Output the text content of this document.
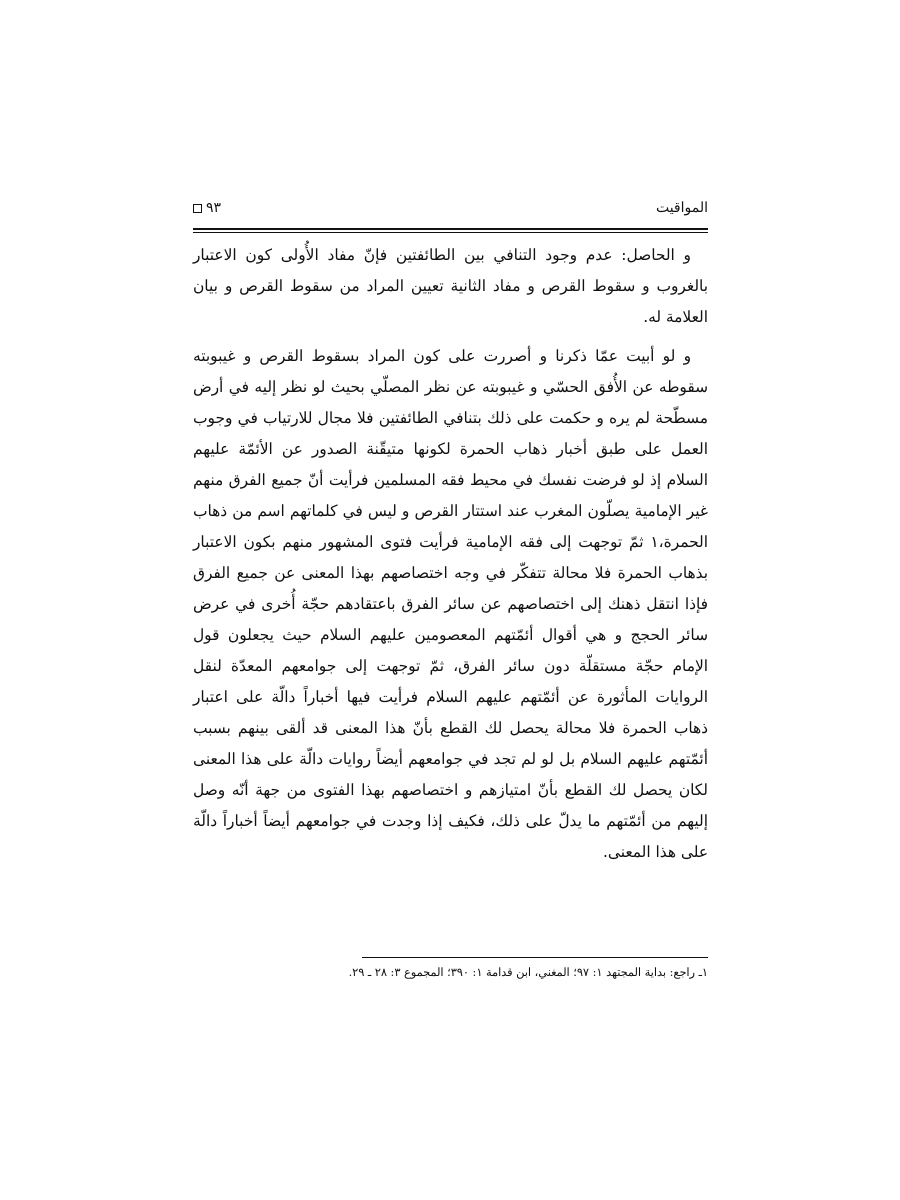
المواقيت
٩٣

و الحاصل: عدم وجود التنافي بين الطائفتين فإنّ مفاد الأُولى كون الاعتبار بالغروب و سقوط القرص و مفاد الثانية تعيين المراد من سقوط القرص و بيان العلامة له.

و لو أبيت عمّا ذكرنا و أصررت على كون المراد بسقوط القرص و غيبوبته سقوطه عن الأُفق الحسّي و غيبوبته عن نظر المصلّي بحيث لو نظر إليه في أرض مسطّحة لم يره و حكمت على ذلك بتنافي الطائفتين فلا مجال للارتياب في وجوب العمل على طبق أخبار ذهاب الحمرة لكونها متيقّنة الصدور عن الأئمّة عليهم السلام إذ لو فرضت نفسك في محيط فقه المسلمين فرأيت أنّ جميع الفرق منهم غير الإمامية يصلّون المغرب عند استتار القرص و ليس في كلماتهم اسم من ذهاب الحمرة،١ ثمّ توجهت إلى فقه الإمامية فرأيت فتوى المشهور منهم بكون الاعتبار بذهاب الحمرة فلا محالة تتفكّر في وجه اختصاصهم بهذا المعنى عن جميع الفرق فإذا انتقل ذهنك إلى اختصاصهم عن سائر الفرق باعتقادهم حجّة أُخرى في عرض سائر الحجج و هي أقوال أئمّتهم المعصومين عليهم السلام حيث يجعلون قول الإمام حجّة مستقلّة دون سائر الفرق، ثمّ توجهت إلى جوامعهم المعدّة لنقل الروايات المأثورة عن أئمّتهم عليهم السلام فرأيت فيها أخباراً دالّة على اعتبار ذهاب الحمرة فلا محالة يحصل لك القطع بأنّ هذا المعنى قد ألقى بينهم بسبب أئمّتهم عليهم السلام بل لو لم تجد في جوامعهم أيضاً روايات دالّة على هذا المعنى لكان يحصل لك القطع بأنّ امتيازهم و اختصاصهم بهذا الفتوى من جهة أنّه وصل إليهم من أئمّتهم ما يدلّ على ذلك، فكيف إذا وجدت في جوامعهم أيضاً أخباراً دالّة على هذا المعنى.

١ـ راجع: بداية المجتهد ١: ٩٧؛ المغني، ابن قدامة ١: ٣٩٠؛ المجموع ٣: ٢٨ ـ ٢٩.
